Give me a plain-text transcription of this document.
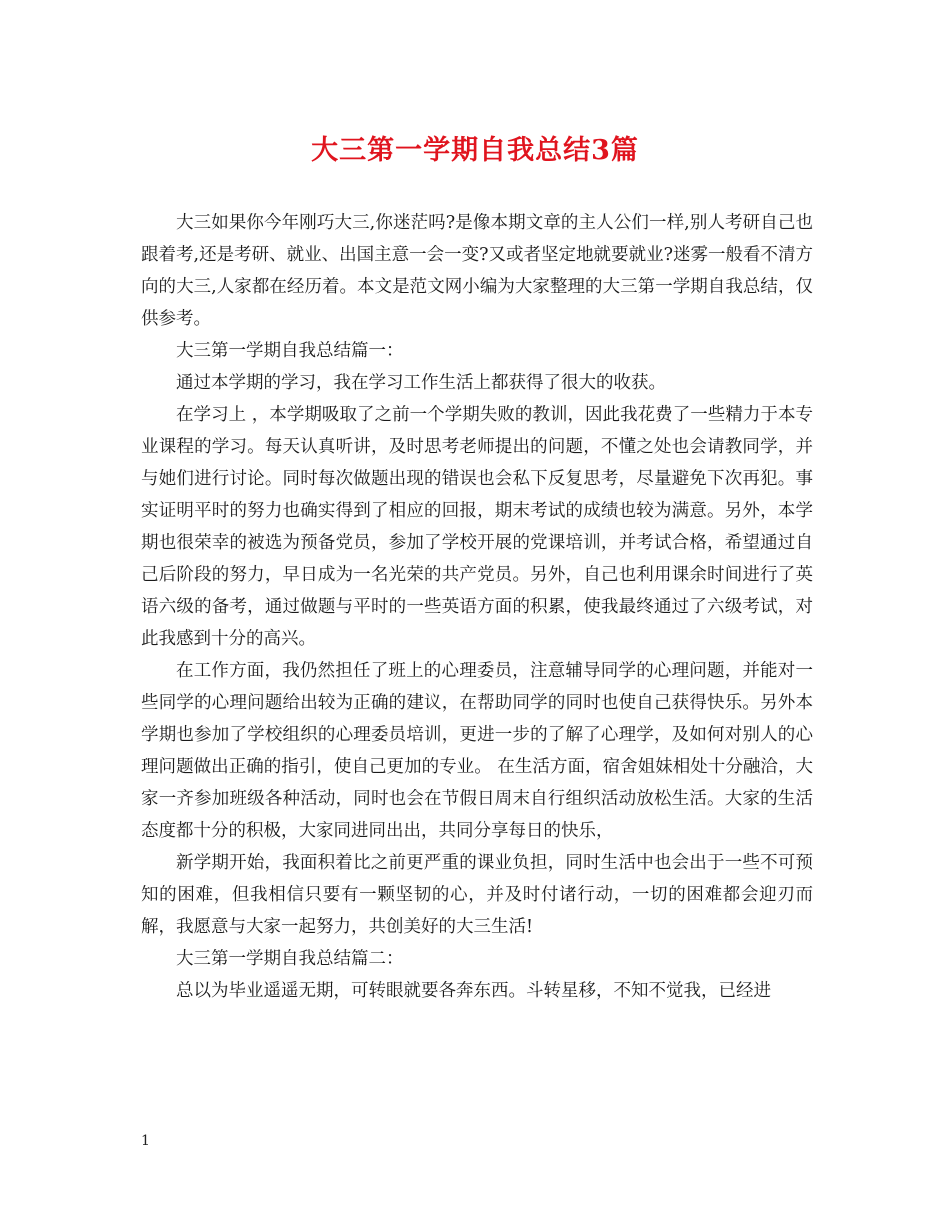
大三第一学期自我总结3篇

大三如果你今年刚巧大三,你迷茫吗?是像本期文章的主人公们一样,别人考研自己也跟着考,还是考研、就业、出国主意一会一变?又或者坚定地就要就业?迷雾一般看不清方向的大三,人家都在经历着。本文是范文网小编为大家整理的大三第一学期自我总结，仅供参考。

大三第一学期自我总结篇一：

通过本学期的学习，我在学习工作生活上都获得了很大的收获。

在学习上 ，本学期吸取了之前一个学期失败的教训，因此我花费了一些精力于本专业课程的学习。每天认真听讲，及时思考老师提出的问题，不懂之处也会请教同学，并与她们进行讨论。同时每次做题出现的错误也会私下反复思考，尽量避免下次再犯。事实证明平时的努力也确实得到了相应的回报，期末考试的成绩也较为满意。另外，本学期也很荣幸的被选为预备党员，参加了学校开展的党课培训，并考试合格，希望通过自己后阶段的努力，早日成为一名光荣的共产党员。另外，自己也利用课余时间进行了英语六级的备考，通过做题与平时的一些英语方面的积累，使我最终通过了六级考试，对此我感到十分的高兴。

在工作方面，我仍然担任了班上的心理委员，注意辅导同学的心理问题，并能对一些同学的心理问题给出较为正确的建议，在帮助同学的同时也使自己获得快乐。另外本学期也参加了学校组织的心理委员培训，更进一步的了解了心理学，及如何对别人的心理问题做出正确的指引，使自己更加的专业。 在生活方面，宿舍姐妹相处十分融洽，大家一齐参加班级各种活动，同时也会在节假日周末自行组织活动放松生活。大家的生活态度都十分的积极，大家同进同出出，共同分享每日的快乐，

新学期开始，我面积着比之前更严重的课业负担，同时生活中也会出于一些不可预知的困难，但我相信只要有一颗坚韧的心，并及时付诸行动，一切的困难都会迎刃而解，我愿意与大家一起努力，共创美好的大三生活!

大三第一学期自我总结篇二：

总以为毕业遥遥无期，可转眼就要各奔东西。斗转星移，不知不觉我，已经进

1
